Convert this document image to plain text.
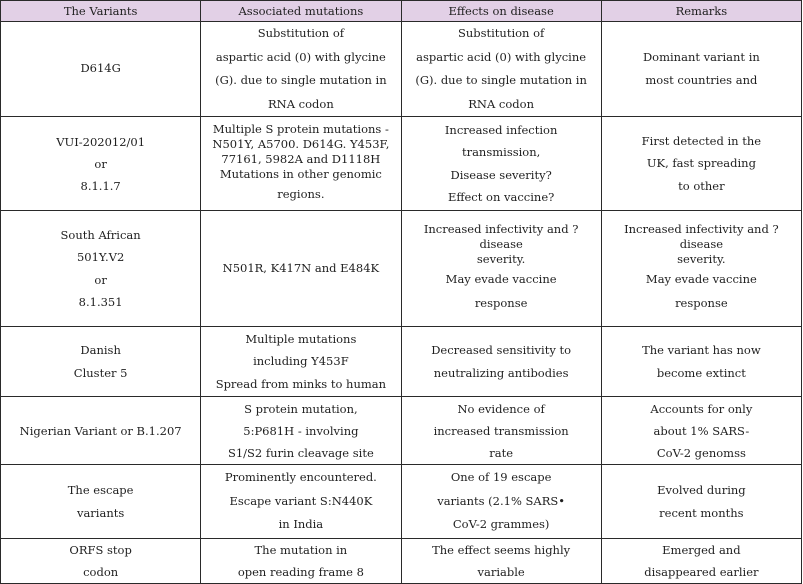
The Variants	Associated mutations	Effects on disease	Remarks

D614G	Substitution of
aspartic acid (0) with glycine
(G). due to single mutation in
RNA codon	Substitution of
aspartic acid (0) with glycine
(G). due to single mutation in
RNA codon	Dominant variant in
most countries and

VUI-202012/01
or
8.1.1.7	Multiple S protein mutations -
N501Y, A5700. D614G. Y453F,
77161, 5982A and D1118H
Mutations in other genomic
regions.	Increased infection transmission,
Disease severity?
Effect on vaccine?	First detected in the
UK, fast spreading
to other

South African
501Y.V2
or
8.1.351	N501R, K417N and E484K	Increased infectivity and ?disease
severity.
May evade vaccine
response	Increased infectivity and ?disease
severity.
May evade vaccine
response

Danish
Cluster 5	Multiple mutations
including Y453F
Spread from minks to human	Decreased sensitivity to
neutralizing antibodies	The variant has now
become extinct

Nigerian Variant or B.1.207	S protein mutation,
5:P681H - involving
S1/S2 furin cleavage site	No evidence of
increased transmission
rate	Accounts for only
about 1% SARS-
CoV-2 genomss

The escape
variants	Prominently encountered.
Escape variant S:N440K
in India	One of 19 escape
variants (2.1% SARS•
CoV-2 grammes)	Evolved during
recent months

ORFS stop
codon	The mutation in
open reading frame 8	The effect seems highly
variable	Emerged and
disappeared earlier
